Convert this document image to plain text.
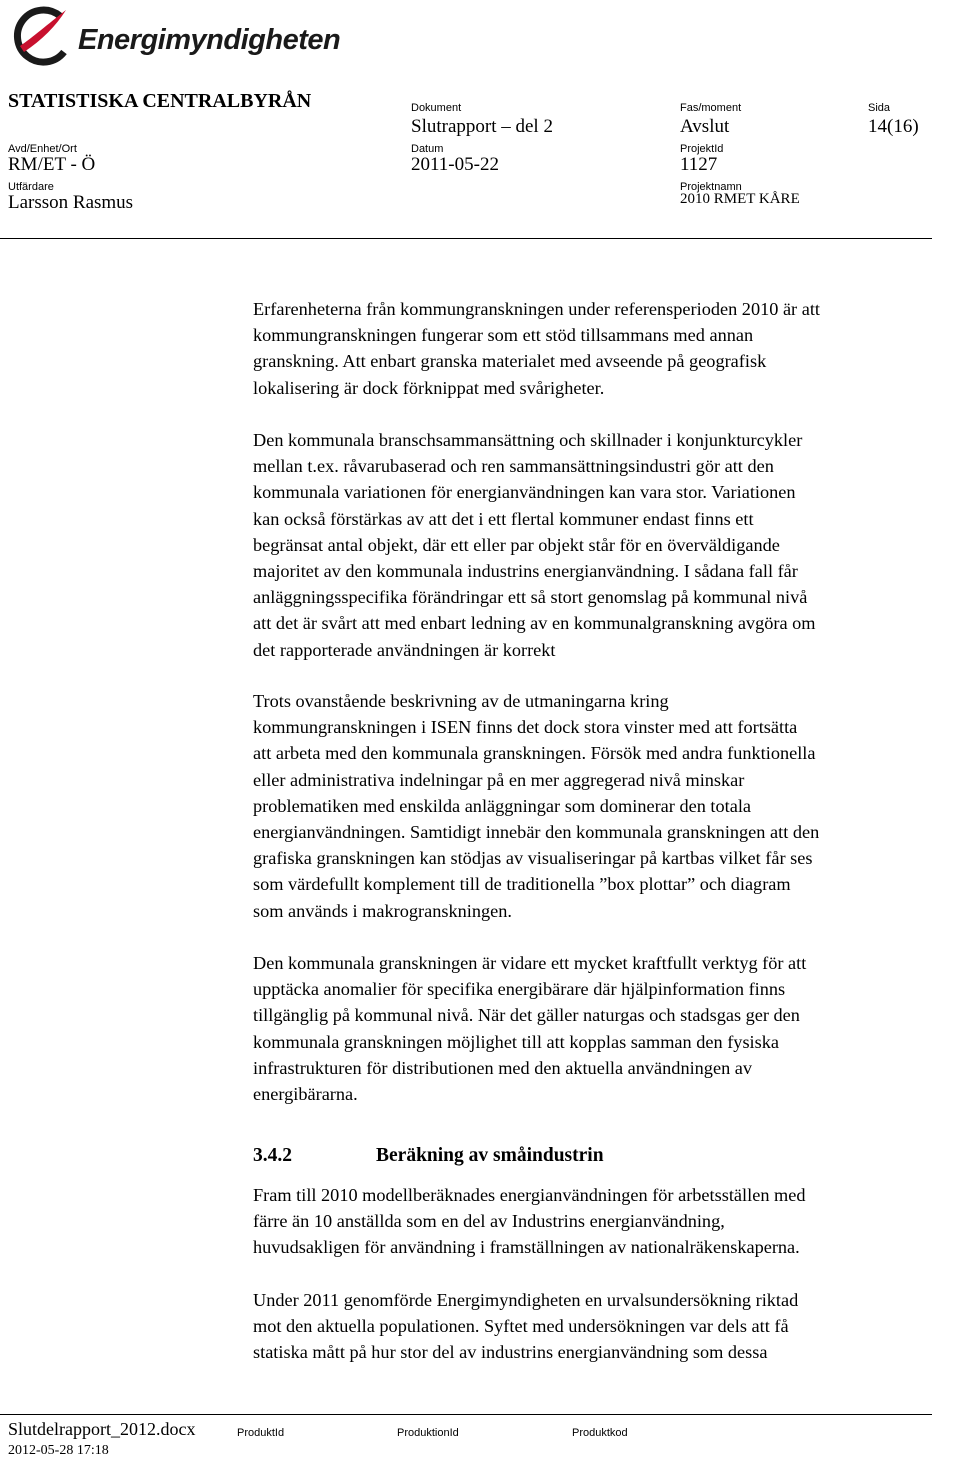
Energimyndigheten
STATISTISKA CENTRALBYRÅN
Avd/Enhet/Ort
RM/ET - Ö
Utfärdare
Larsson Rasmus
Dokument
Slutrapport – del 2
Datum
2011-05-22
Fas/moment
Avslut
ProjektId
1127
Projektnamn
2010 RMET KÅRE
Sida
14(16)
Erfarenheterna från kommungranskningen under referensperioden 2010 är att
kommungranskningen fungerar som ett stöd tillsammans med annan
granskning. Att enbart granska materialet med avseende på geografisk
lokalisering är dock förknippat med svårigheter.
Den kommunala branschsammansättning och skillnader i konjunkturcykler
mellan t.ex. råvarubaserad och ren sammansättningsindustri gör att den
kommunala variationen för energianvändningen kan vara stor. Variationen
kan också förstärkas av att det i ett flertal kommuner endast finns ett
begränsat antal objekt, där ett eller par objekt står för en överväldigande
majoritet av den kommunala industrins energianvändning. I sådana fall får
anläggningsspecifika förändringar ett så stort genomslag på kommunal nivå
att det är svårt att med enbart ledning av en kommunalgranskning avgöra om
det rapporterade användningen är korrekt
Trots ovanstående beskrivning av de utmaningarna kring
kommungranskningen i ISEN finns det dock stora vinster med att fortsätta
att arbeta med den kommunala granskningen. Försök med andra funktionella
eller administrativa indelningar på en mer aggregerad nivå minskar
problematiken med enskilda anläggningar som dominerar den totala
energianvändningen. Samtidigt innebär den kommunala granskningen att den
grafiska granskningen kan stödjas av visualiseringar på kartbas vilket får ses
som värdefullt komplement till de traditionella ”box plottar” och diagram
som används i makrogranskningen.
Den kommunala granskningen är vidare ett mycket kraftfullt verktyg för att
upptäcka anomalier för specifika energibärare där hjälpinformation finns
tillgänglig på kommunal nivå. När det gäller naturgas och stadsgas ger den
kommunala granskningen möjlighet till att kopplas samman den fysiska
infrastrukturen för distributionen med den aktuella användningen av
energibärarna.
3.4.2	Beräkning av småindustrin
Fram till 2010 modellberäknades energianvändningen för arbetsställen med
färre än 10 anställda som en del av Industrins energianvändning,
huvudsakligen för användning i framställningen av nationalräkenskaperna.
Under 2011 genomförde Energimyndigheten en urvalsundersökning riktad
mot den aktuella populationen. Syftet med undersökningen var dels att få
statiska mått på hur stor del av industrins energianvändning som dessa
Slutdelrapport_2012.docx
2012-05-28 17:18
ProduktId	ProduktionId	Produktkod
